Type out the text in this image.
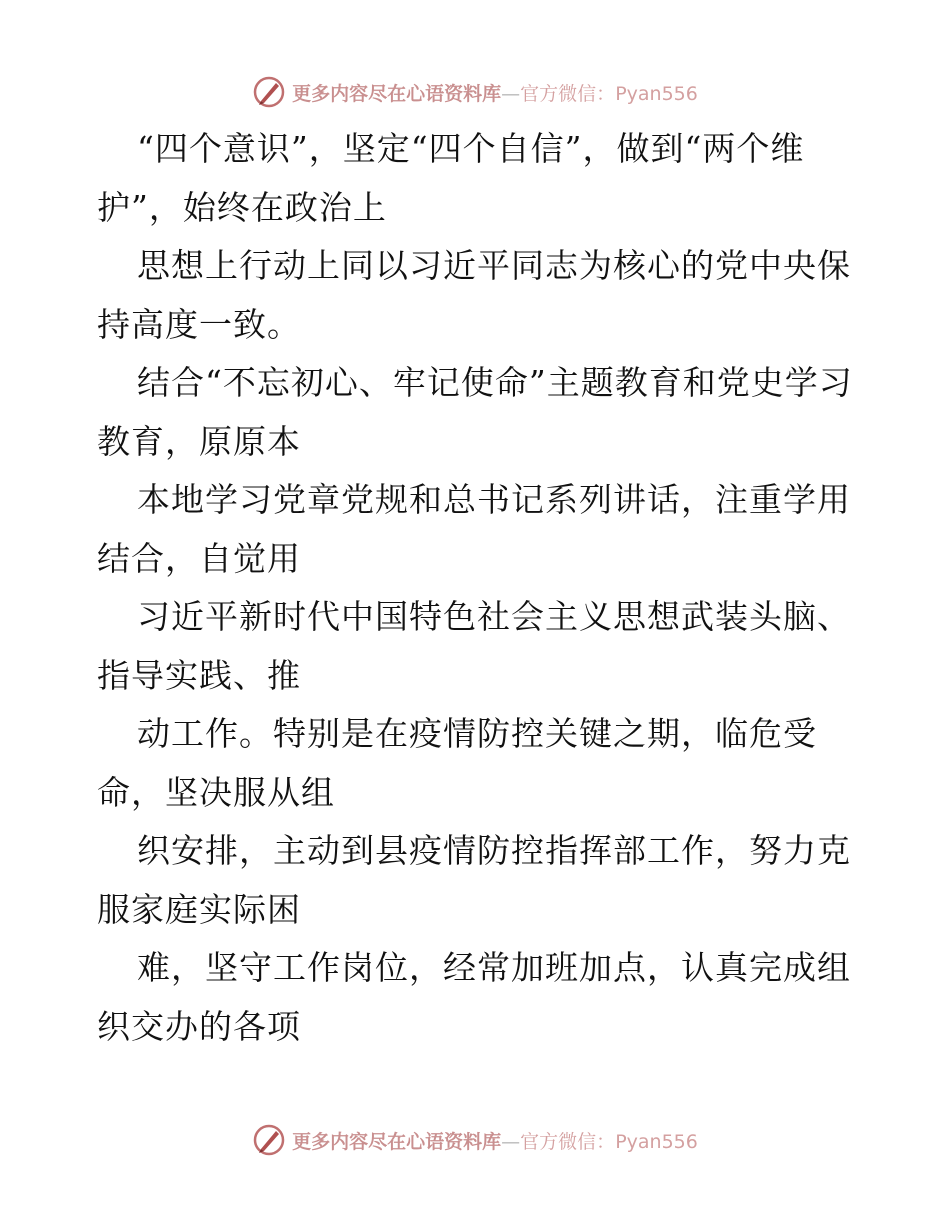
更多内容尽在心语资料库—官方微信：Pyan556

“四个意识”，坚定“四个自信”，做到“两个维护”，始终在政治上

思想上行动上同以习近平同志为核心的党中央保持高度一致。

结合“不忘初心、牢记使命”主题教育和党史学习教育，原原本

本地学习党章党规和总书记系列讲话，注重学用结合，自觉用

习近平新时代中国特色社会主义思想武装头脑、指导实践、推

动工作。特别是在疫情防控关键之期，临危受命，坚决服从组

织安排，主动到县疫情防控指挥部工作，努力克服家庭实际困

难，坚守工作岗位，经常加班加点，认真完成组织交办的各项

更多内容尽在心语资料库—官方微信：Pyan556
